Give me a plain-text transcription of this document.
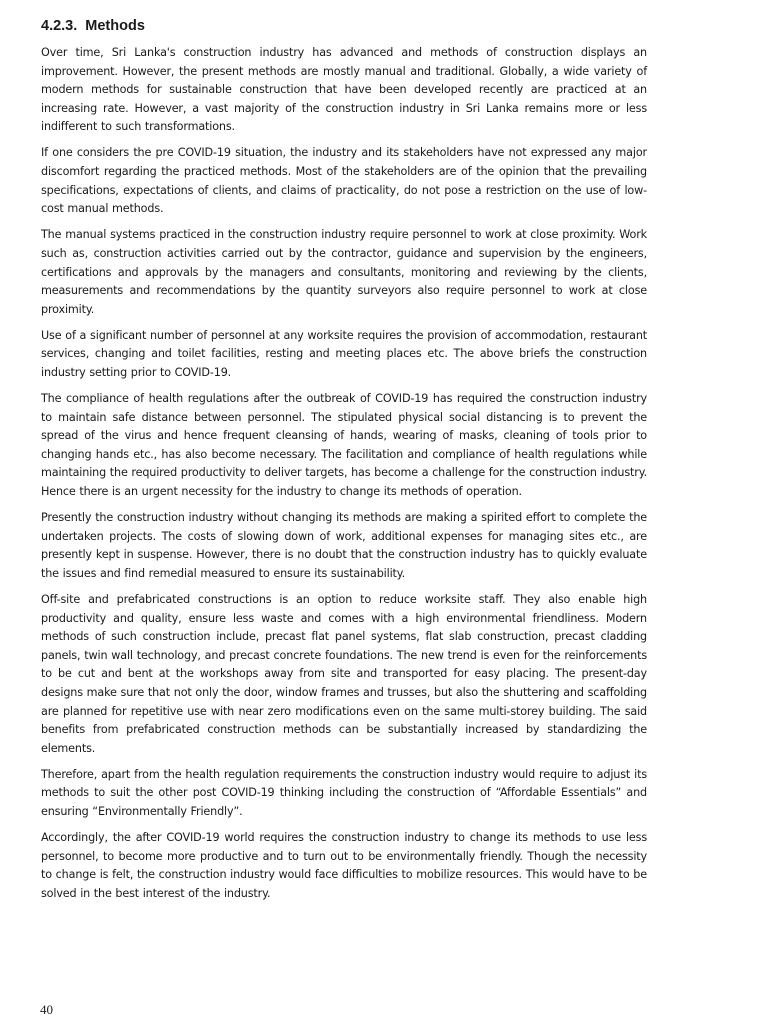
4.2.3. Methods

Over time, Sri Lanka's construction industry has advanced and methods of construction displays an improvement. However, the present methods are mostly manual and traditional. Globally, a wide variety of modern methods for sustainable construction that have been developed recently are practiced at an increasing rate. However, a vast majority of the construction industry in Sri Lanka remains more or less indifferent to such transformations.

If one considers the pre COVID-19 situation, the industry and its stakeholders have not expressed any major discomfort regarding the practiced methods. Most of the stakeholders are of the opinion that the prevailing specifications, expectations of clients, and claims of practicality, do not pose a restriction on the use of low-cost manual methods.

The manual systems practiced in the construction industry require personnel to work at close proximity. Work such as, construction activities carried out by the contractor, guidance and supervision by the engineers, certifications and approvals by the managers and consultants, monitoring and reviewing by the clients, measurements and recommendations by the quantity surveyors also require personnel to work at close proximity.

Use of a significant number of personnel at any worksite requires the provision of accommodation, restaurant services, changing and toilet facilities, resting and meeting places etc. The above briefs the construction industry setting prior to COVID-19.

The compliance of health regulations after the outbreak of COVID-19 has required the construction industry to maintain safe distance between personnel. The stipulated physical social distancing is to prevent the spread of the virus and hence frequent cleansing of hands, wearing of masks, cleaning of tools prior to changing hands etc., has also become necessary. The facilitation and compliance of health regulations while maintaining the required productivity to deliver targets, has become a challenge for the construction industry. Hence there is an urgent necessity for the industry to change its methods of operation.

Presently the construction industry without changing its methods are making a spirited effort to complete the undertaken projects. The costs of slowing down of work, additional expenses for managing sites etc., are presently kept in suspense. However, there is no doubt that the construction industry has to quickly evaluate the issues and find remedial measured to ensure its sustainability.

Off-site and prefabricated constructions is an option to reduce worksite staff. They also enable high productivity and quality, ensure less waste and comes with a high environmental friendliness. Modern methods of such construction include, precast flat panel systems, flat slab construction, precast cladding panels, twin wall technology, and precast concrete foundations. The new trend is even for the reinforcements to be cut and bent at the workshops away from site and transported for easy placing. The present-day designs make sure that not only the door, window frames and trusses, but also the shuttering and scaffolding are planned for repetitive use with near zero modifications even on the same multi-storey building. The said benefits from prefabricated construction methods can be substantially increased by standardizing the elements.

Therefore, apart from the health regulation requirements the construction industry would require to adjust its methods to suit the other post COVID-19 thinking including the construction of “Affordable Essentials” and ensuring “Environmentally Friendly”.

Accordingly, the after COVID-19 world requires the construction industry to change its methods to use less personnel, to become more productive and to turn out to be environmentally friendly. Though the necessity to change is felt, the construction industry would face difficulties to mobilize resources. This would have to be solved in the best interest of the industry.

40
